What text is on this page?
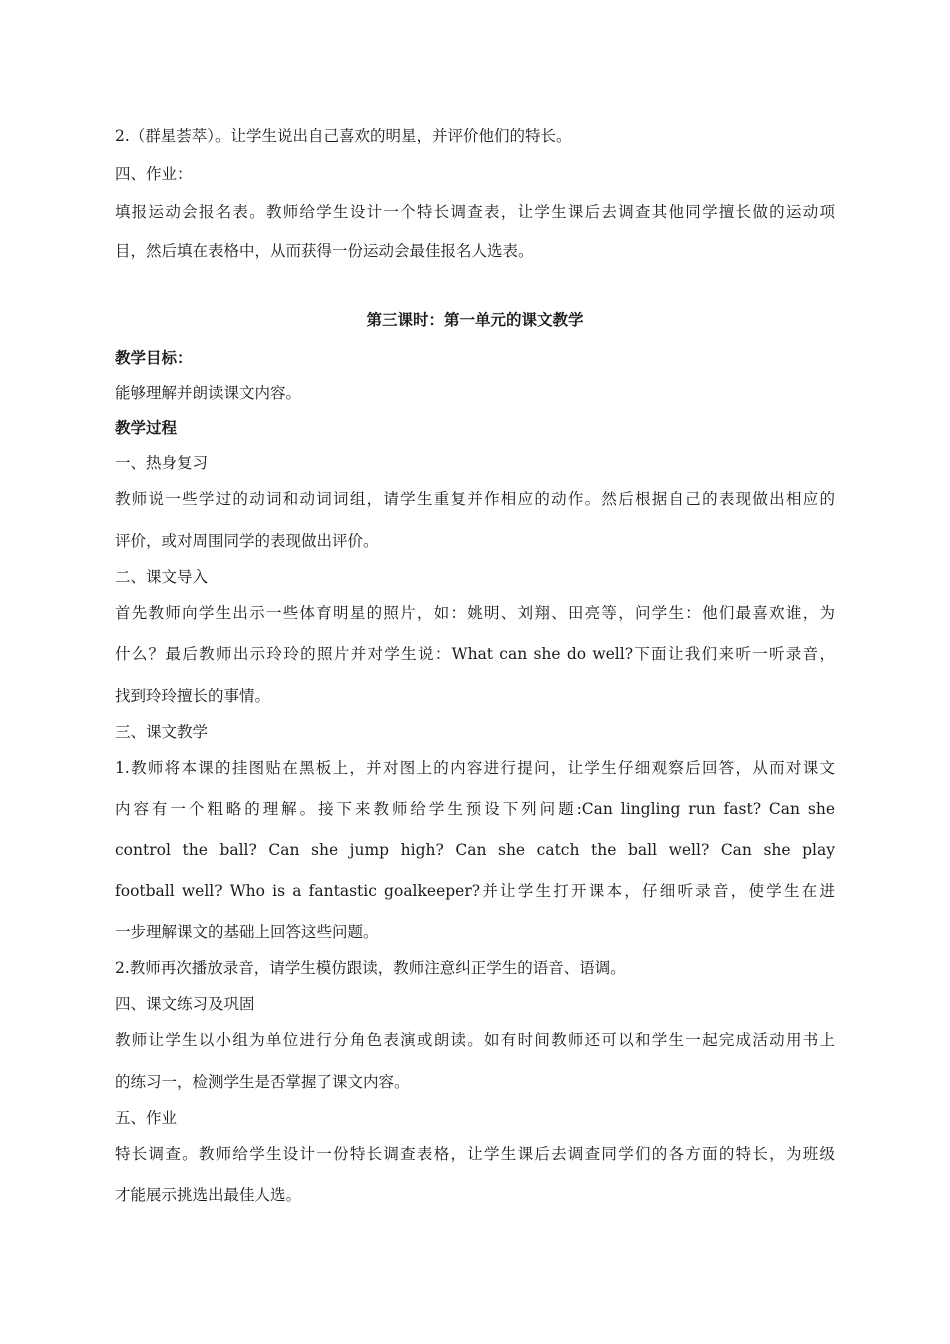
2.（群星荟萃）。让学生说出自己喜欢的明星，并评价他们的特长。
四、作业：
填报运动会报名表。教师给学生设计一个特长调查表，让学生课后去调查其他同学擅长做的运动项
目，然后填在表格中，从而获得一份运动会最佳报名人选表。
第三课时：第一单元的课文教学
教学目标：
能够理解并朗读课文内容。
教学过程
一、热身复习
教师说一些学过的动词和动词词组，请学生重复并作相应的动作。然后根据自己的表现做出相应的
评价，或对周围同学的表现做出评价。
二、课文导入
首先教师向学生出示一些体育明星的照片，如：姚明、刘翔、田亮等，问学生：他们最喜欢谁，为
什么？最后教师出示玲玲的照片并对学生说：What can she do well?下面让我们来听一听录音，
找到玲玲擅长的事情。
三、课文教学
1.教师将本课的挂图贴在黑板上，并对图上的内容进行提问，让学生仔细观察后回答，从而对课文
内容有一个粗略的理解。接下来教师给学生预设下列问题:Can lingling run fast? Can she
control the ball? Can she jump high? Can she catch the ball well? Can she play
football well? Who is a fantastic goalkeeper?并让学生打开课本，仔细听录音，使学生在进
一步理解课文的基础上回答这些问题。
2.教师再次播放录音，请学生模仿跟读，教师注意纠正学生的语音、语调。
四、课文练习及巩固
教师让学生以小组为单位进行分角色表演或朗读。如有时间教师还可以和学生一起完成活动用书上
的练习一，检测学生是否掌握了课文内容。
五、作业
特长调查。教师给学生设计一份特长调查表格，让学生课后去调查同学们的各方面的特长，为班级
才能展示挑选出最佳人选。
